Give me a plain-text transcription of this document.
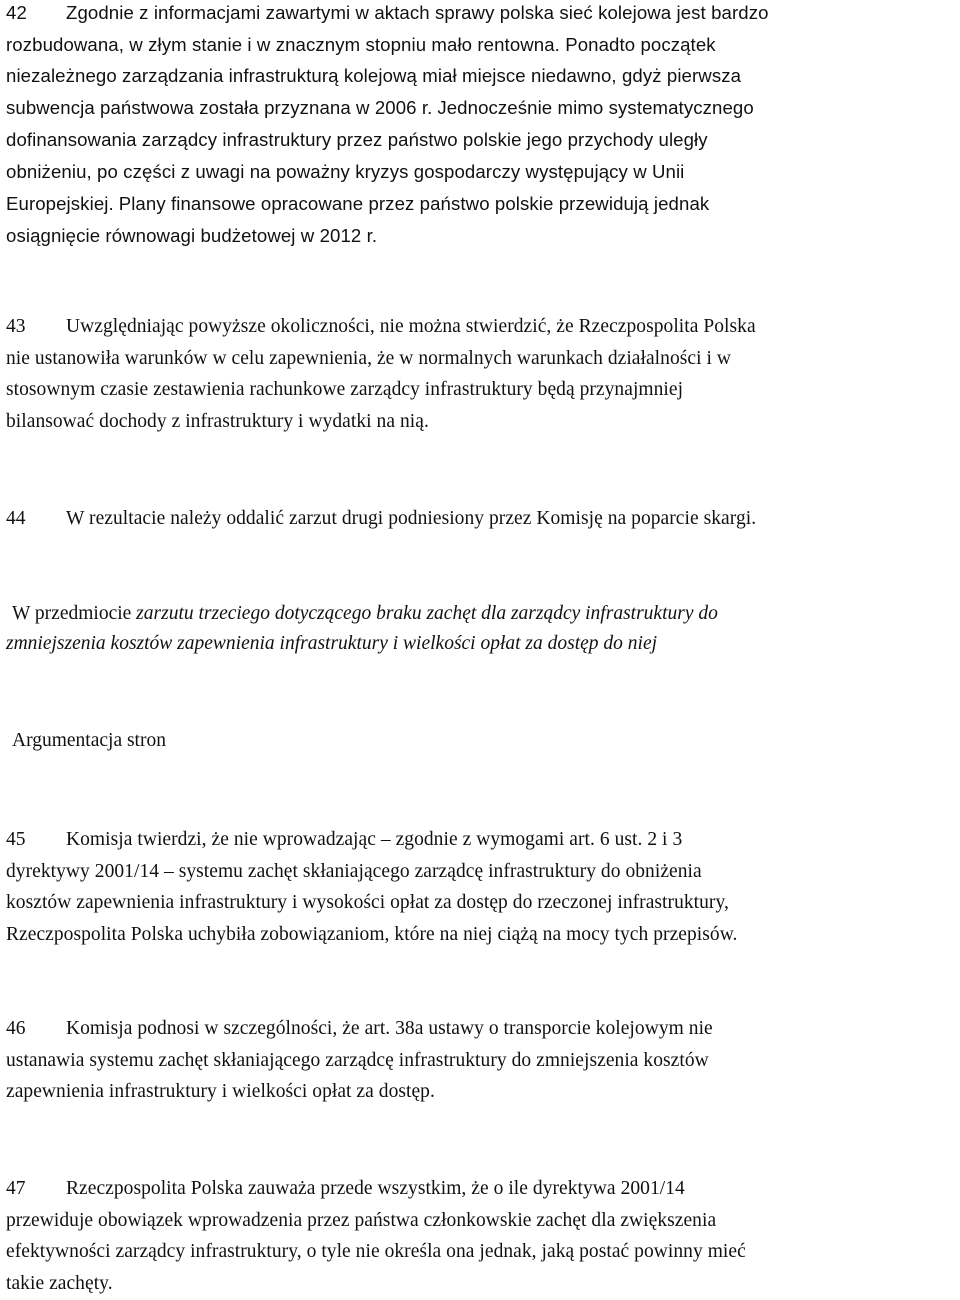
42 Zgodnie z informacjami zawartymi w aktach sprawy polska sieć kolejowa jest bardzo
rozbudowana, w złym stanie i w znacznym stopniu mało rentowna. Ponadto początek
niezależnego zarządzania infrastrukturą kolejową miał miejsce niedawno, gdyż pierwsza
subwencja państwowa została przyznana w 2006 r. Jednocześnie mimo systematycznego
dofinansowania zarządcy infrastruktury przez państwo polskie jego przychody uległy
obniżeniu, po części z uwagi na poważny kryzys gospodarczy występujący w Unii
Europejskiej. Plany finansowe opracowane przez państwo polskie przewidują jednak
osiągnięcie równowagi budżetowej w 2012 r.
43 Uwzględniając powyższe okoliczności, nie można stwierdzić, że Rzeczpospolita Polska
nie ustanowiła warunków w celu zapewnienia, że w normalnych warunkach działalności i w
stosownym czasie zestawienia rachunkowe zarządcy infrastruktury będą przynajmniej
bilansować dochody z infrastruktury i wydatki na nią.
44 W rezultacie należy oddalić zarzut drugi podniesiony przez Komisję na poparcie skargi.
W przedmiocie zarzutu trzeciego dotyczącego braku zachęt dla zarządcy infrastruktury do
zmniejszenia kosztów zapewnienia infrastruktury i wielkości opłat za dostęp do niej
Argumentacja stron
45 Komisja twierdzi, że nie wprowadzając – zgodnie z wymogami art. 6 ust. 2 i 3
dyrektywy 2001/14 – systemu zachęt skłaniającego zarządcę infrastruktury do obniżenia
kosztów zapewnienia infrastruktury i wysokości opłat za dostęp do rzeczonej infrastruktury,
Rzeczpospolita Polska uchybiła zobowiązaniom, które na niej ciążą na mocy tych przepisów.
46 Komisja podnosi w szczególności, że art. 38a ustawy o transporcie kolejowym nie
ustanawia systemu zachęt skłaniającego zarządcę infrastruktury do zmniejszenia kosztów
zapewnienia infrastruktury i wielkości opłat za dostęp.
47 Rzeczpospolita Polska zauważa przede wszystkim, że o ile dyrektywa 2001/14
przewiduje obowiązek wprowadzenia przez państwa członkowskie zachęt dla zwiększenia
efektywności zarządcy infrastruktury, o tyle nie określa ona jednak, jaką postać powinny mieć
takie zachęty.
